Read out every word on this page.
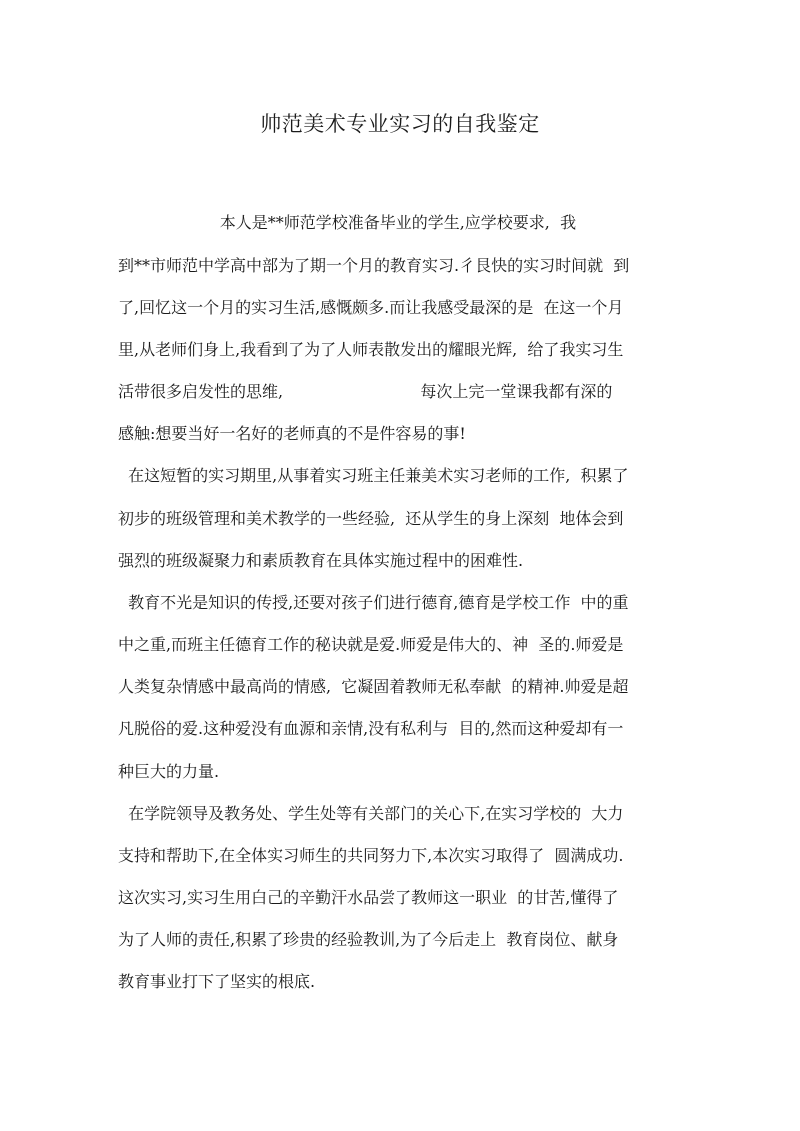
帅范美术专业实习的自我鉴定
本人是**师范学校准备毕业的学生,应学校要求,  我
到**市师范中学高中部为了期一个月的教育实习.彳艮快的实习时间就  到
了,回忆这一个月的实习生活,感慨颇多.而让我感受最深的是  在这一个月
里,从老师们身上,我看到了为了人师表散发出的耀眼光辉,  给了我实习生
活带很多启发性的思维,                           每次上完一堂课我都有深的
感触:想要当好一名好的老师真的不是件容易的事!
在这短暂的实习期里,从事着实习班主任兼美术实习老师的工作,  积累了
初步的班级管理和美术教学的一些经验,  还从学生的身上深刻  地体会到
强烈的班级凝聚力和素质教育在具体实施过程中的困难性.
教育不光是知识的传授,还要对孩子们进行德育,德育是学校工作  中的重
中之重,而班主任德育工作的秘诀就是爱.师爱是伟大的、神  圣的.师爱是
人类复杂情感中最高尚的情感,  它凝固着教师无私奉献  的精神.帅爱是超
凡脱俗的爱.这种爱没有血源和亲情,没有私利与  目的,然而这种爱却有一
种巨大的力量.
在学院领导及教务处、学生处等有关部门的关心下,在实习学校的  大力
支持和帮助下,在全体实习师生的共同努力下,本次实习取得了  圆满成功.
这次实习,实习生用白己的辛勤汗水品尝了教师这一职业  的甘苦,懂得了
为了人师的责任,积累了珍贵的经验教训,为了今后走上  教育岗位、献身
教育事业打下了坚实的根底.
